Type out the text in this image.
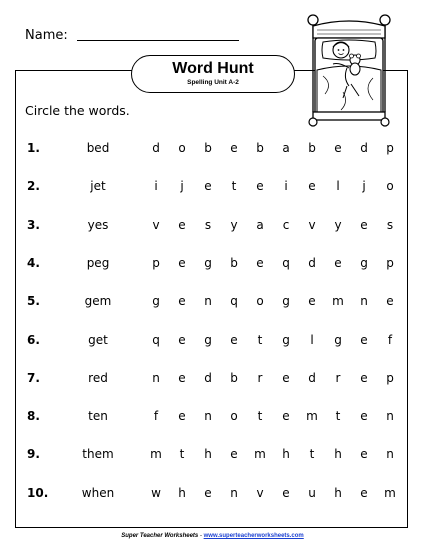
Name:
Word Hunt
Spelling Unit A-2
Circle the words.
1.	bed	d	o	b	e	b	a	b	e	d	p
2.	jet	i	j	e	t	e	i	e	l	j	o
3.	yes	v	e	s	y	a	c	v	y	e	s
4.	peg	p	e	g	b	e	q	d	e	g	p
5.	gem	g	e	n	q	o	g	e	m	n	e
6.	get	q	e	g	e	t	g	l	g	e	f
7.	red	n	e	d	b	r	e	d	r	e	p
8.	ten	f	e	n	o	t	e	m	t	e	n
9.	them	m	t	h	e	m	h	t	h	e	n
10.	when	w	h	e	n	v	e	u	h	e	m
Super Teacher Worksheets - www.superteacherworksheets.com
